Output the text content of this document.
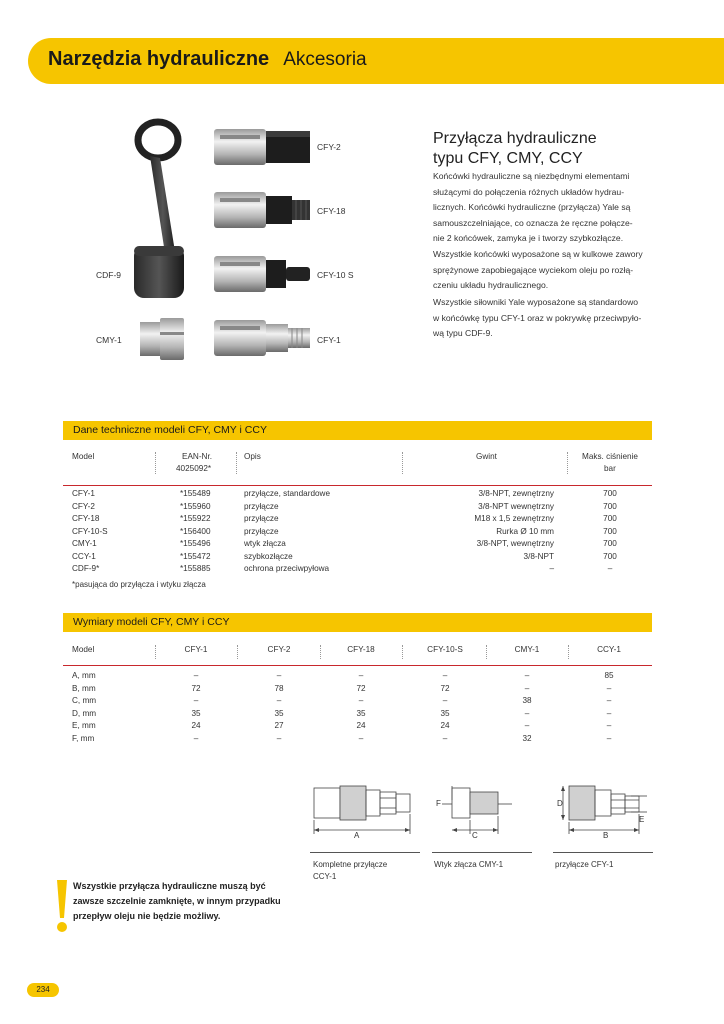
Narzędzia hydrauliczne Akcesoria
CDF-9
CMY-1
CFY-2
CFY-18
CFY-10 S
CFY-1
Przyłącza hydrauliczne
typu CFY, CMY, CCY
Końcówki hydrauliczne są niezbędnymi elementami
służącymi do połączenia różnych układów hydrau-
licznych. Końcówki hydrauliczne (przyłącza) Yale są
samouszczelniające, co oznacza że ręczne połącze-
nie 2 końcówek, zamyka je i tworzy szybkozłącze.
Wszystkie końcówki wyposażone są w kulkowe zawory
sprężynowe zapobiegające wyciekom oleju po rozłą-
czeniu układu hydraulicznego.
Wszystkie siłowniki Yale wyposażone są standardowo
w końcówkę typu CFY-1 oraz w pokrywkę przeciwpyło-
wą typu CDF-9.
Dane techniczne modeli CFY, CMY i CCY
Model	EAN-Nr.
4025092*
Opis	Gwint	Maks. ciśnienie
bar
CFY-1	*155489	przyłącze, standardowe	3/8-NPT, zewnętrzny	700
CFY-2	*155960	przyłącze	3/8-NPT wewnętrzny	700
CFY-18	*155922	przyłącze	M18 x 1,5 zewnętrzny	700
CFY-10-S	*156400	przyłącze	Rurka Ø 10 mm	700
CMY-1	*155496	wtyk złącza	3/8-NPT, wewnętrzny	700
CCY-1	*155472	szybkozłącze	3/8-NPT	700
CDF-9*	*155885	ochrona przeciwpyłowa	–	–
*pasująca do przyłącza i wtyku złącza
Wymiary modeli CFY, CMY i CCY
Model	CFY-1	CFY-2	CFY-18	CFY-10-S	CMY-1	CCY-1
A, mm	–	–	–	–	–	85
B, mm	72	78	72	72	–	–
C, mm	–	–	–	–	38	–
D, mm	35	35	35	35	–	–
E, mm	24	27	24	24	–	–
F, mm	–	–	–	–	32	–
A	C
F	D
E
B
Kompletne przyłącze
CCY-1
Wtyk złącza CMY-1	przyłącze CFY-1
Wszystkie przyłącza hydrauliczne muszą być
zawsze szczelnie zamknięte, w innym przypadku
przepływ oleju nie będzie możliwy.
234
